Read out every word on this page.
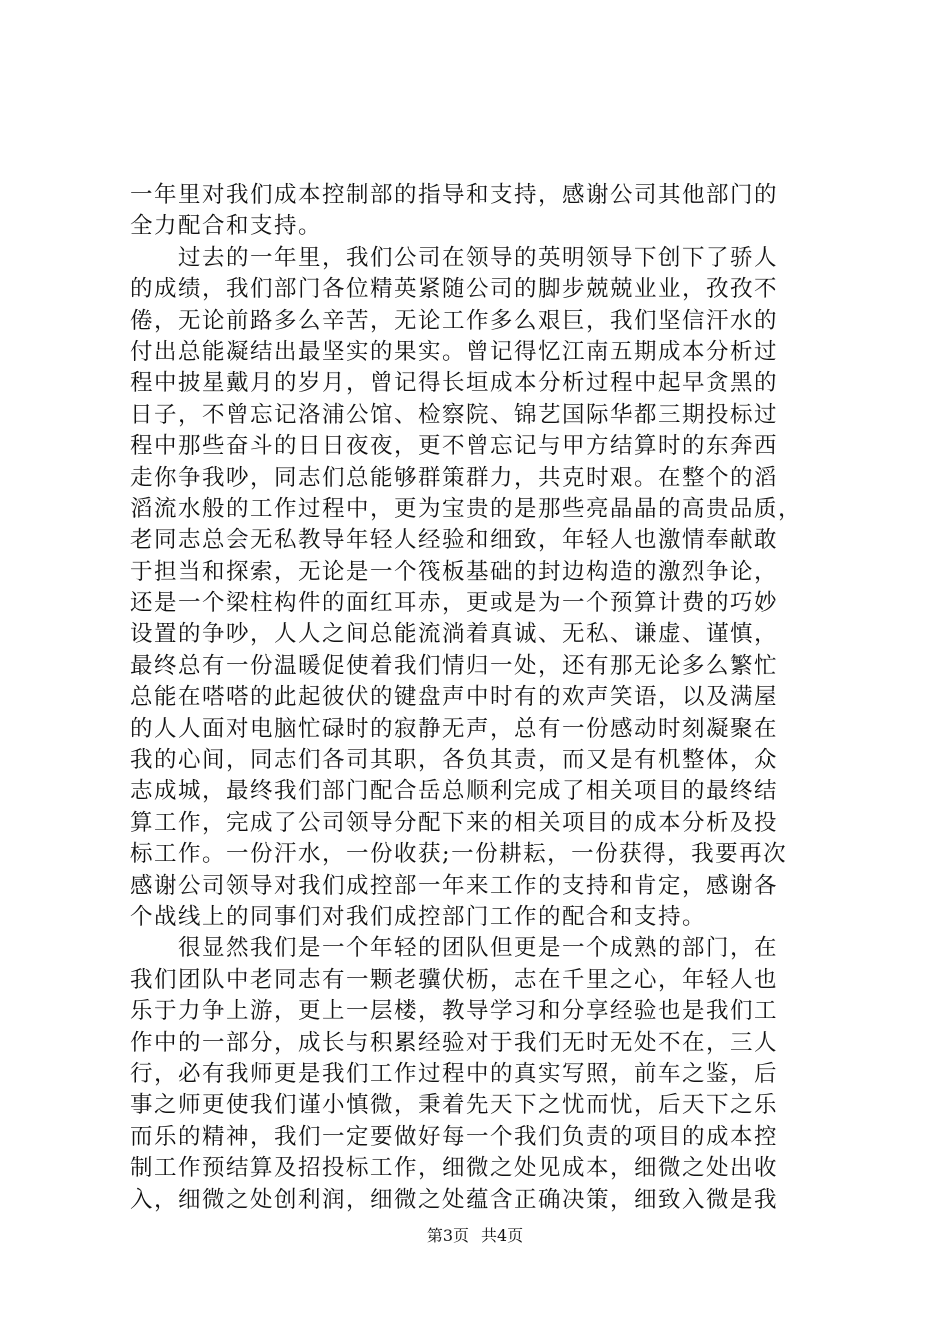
一年里对我们成本控制部的指导和支持，感谢公司其他部门的
全力配合和支持。
　　过去的一年里，我们公司在领导的英明领导下创下了骄人
的成绩，我们部门各位精英紧随公司的脚步兢兢业业，孜孜不
倦，无论前路多么辛苦，无论工作多么艰巨，我们坚信汗水的
付出总能凝结出最坚实的果实。曾记得忆江南五期成本分析过
程中披星戴月的岁月，曾记得长垣成本分析过程中起早贪黑的
日子，不曾忘记洛浦公馆、检察院、锦艺国际华都三期投标过
程中那些奋斗的日日夜夜，更不曾忘记与甲方结算时的东奔西
走你争我吵，同志们总能够群策群力，共克时艰。在整个的滔
滔流水般的工作过程中，更为宝贵的是那些亮晶晶的高贵品质，
老同志总会无私教导年轻人经验和细致，年轻人也激情奉献敢
于担当和探索，无论是一个筏板基础的封边构造的激烈争论，
还是一个梁柱构件的面红耳赤，更或是为一个预算计费的巧妙
设置的争吵，人人之间总能流淌着真诚、无私、谦虚、谨慎，
最终总有一份温暖促使着我们情归一处，还有那无论多么繁忙
总能在嗒嗒的此起彼伏的键盘声中时有的欢声笑语，以及满屋
的人人面对电脑忙碌时的寂静无声，总有一份感动时刻凝聚在
我的心间，同志们各司其职，各负其责，而又是有机整体，众
志成城，最终我们部门配合岳总顺利完成了相关项目的最终结
算工作，完成了公司领导分配下来的相关项目的成本分析及投
标工作。一份汗水，一份收获;一份耕耘，一份获得，我要再次
感谢公司领导对我们成控部一年来工作的支持和肯定，感谢各
个战线上的同事们对我们成控部门工作的配合和支持。
　　很显然我们是一个年轻的团队但更是一个成熟的部门，在
我们团队中老同志有一颗老骥伏枥，志在千里之心，年轻人也
乐于力争上游，更上一层楼，教导学习和分享经验也是我们工
作中的一部分，成长与积累经验对于我们无时无处不在，三人
行，必有我师更是我们工作过程中的真实写照，前车之鉴，后
事之师更使我们谨小慎微，秉着先天下之忧而忧，后天下之乐
而乐的精神，我们一定要做好每一个我们负责的项目的成本控
制工作预结算及招投标工作，细微之处见成本，细微之处出收
入，细微之处创利润，细微之处蕴含正确决策，细致入微是我
第3页 共4页
